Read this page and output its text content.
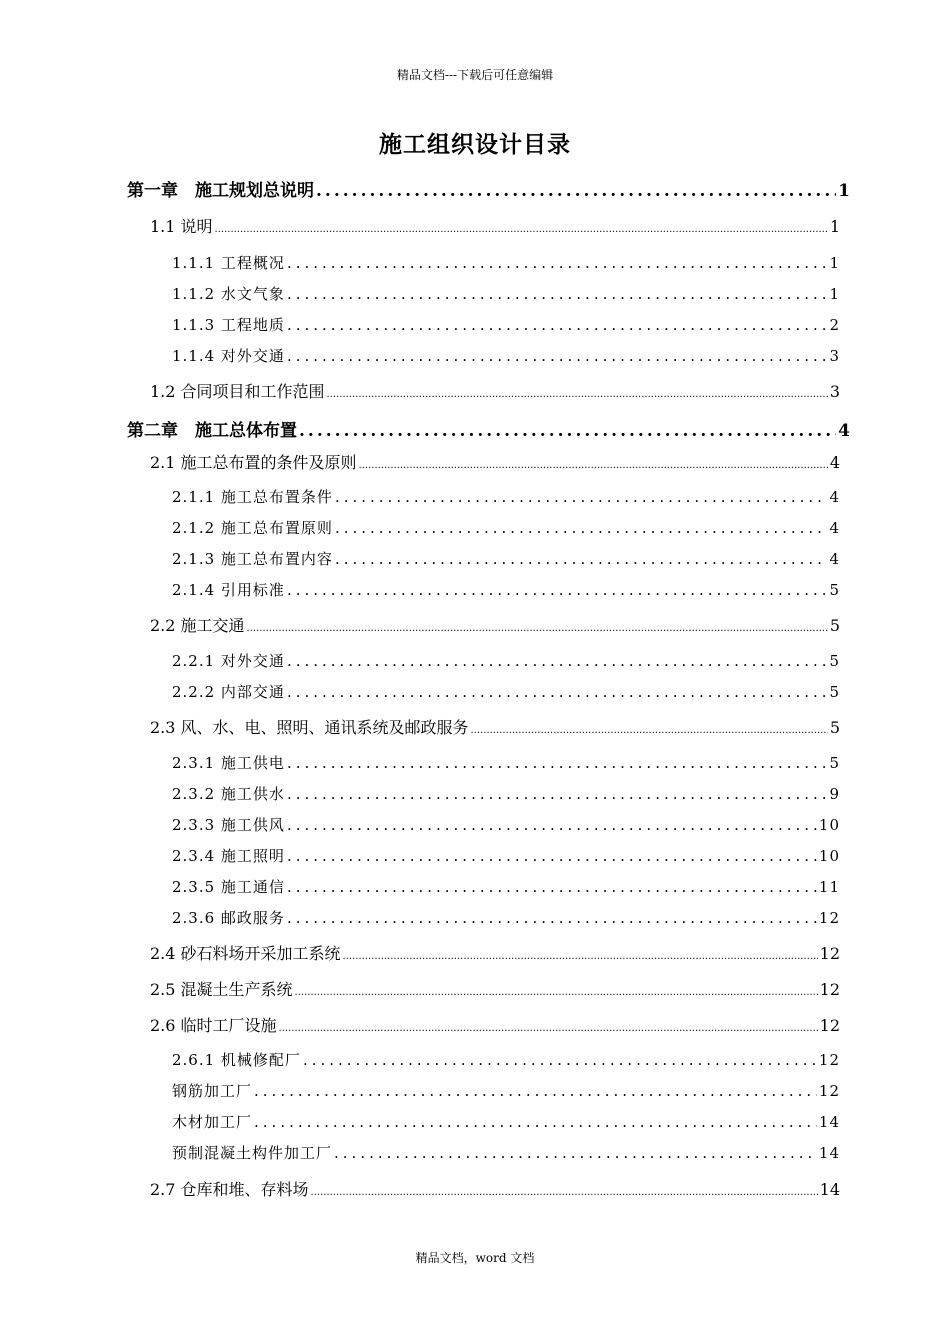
精品文档---下载后可任意编辑
施工组织设计目录
第一章　施工规划总说明 .....	1
1.1 说明 .....	1
1.1.1 工程概况 .....	1
1.1.2 水文气象 .....	1
1.1.3 工程地质 .....	2
1.1.4 对外交通 .....	3
1.2 合同项目和工作范围 .....	3
第二章　施工总体布置 .....	4
2.1 施工总布置的条件及原则 .....	4
2.1.1 施工总布置条件 .....	4
2.1.2 施工总布置原则 .....	4
2.1.3 施工总布置内容 .....	4
2.1.4 引用标准 .....	5
2.2 施工交通 .....	5
2.2.1 对外交通 .....	5
2.2.2 内部交通 .....	5
2.3 风、水、电、照明、通讯系统及邮政服务 .....	5
2.3.1 施工供电 .....	5
2.3.2 施工供水 .....	9
2.3.3 施工供风 .....	10
2.3.4 施工照明 .....	10
2.3.5 施工通信 .....	11
2.3.6 邮政服务 .....	12
2.4 砂石料场开采加工系统 .....	12
2.5 混凝土生产系统 .....	12
2.6 临时工厂设施 .....	12
2.6.1 机械修配厂 .....	12
钢筋加工厂 .....	12
木材加工厂 .....	14
预制混凝土构件加工厂 .....	14
2.7 仓库和堆、存料场 .....	14
精品文档，word 文档
